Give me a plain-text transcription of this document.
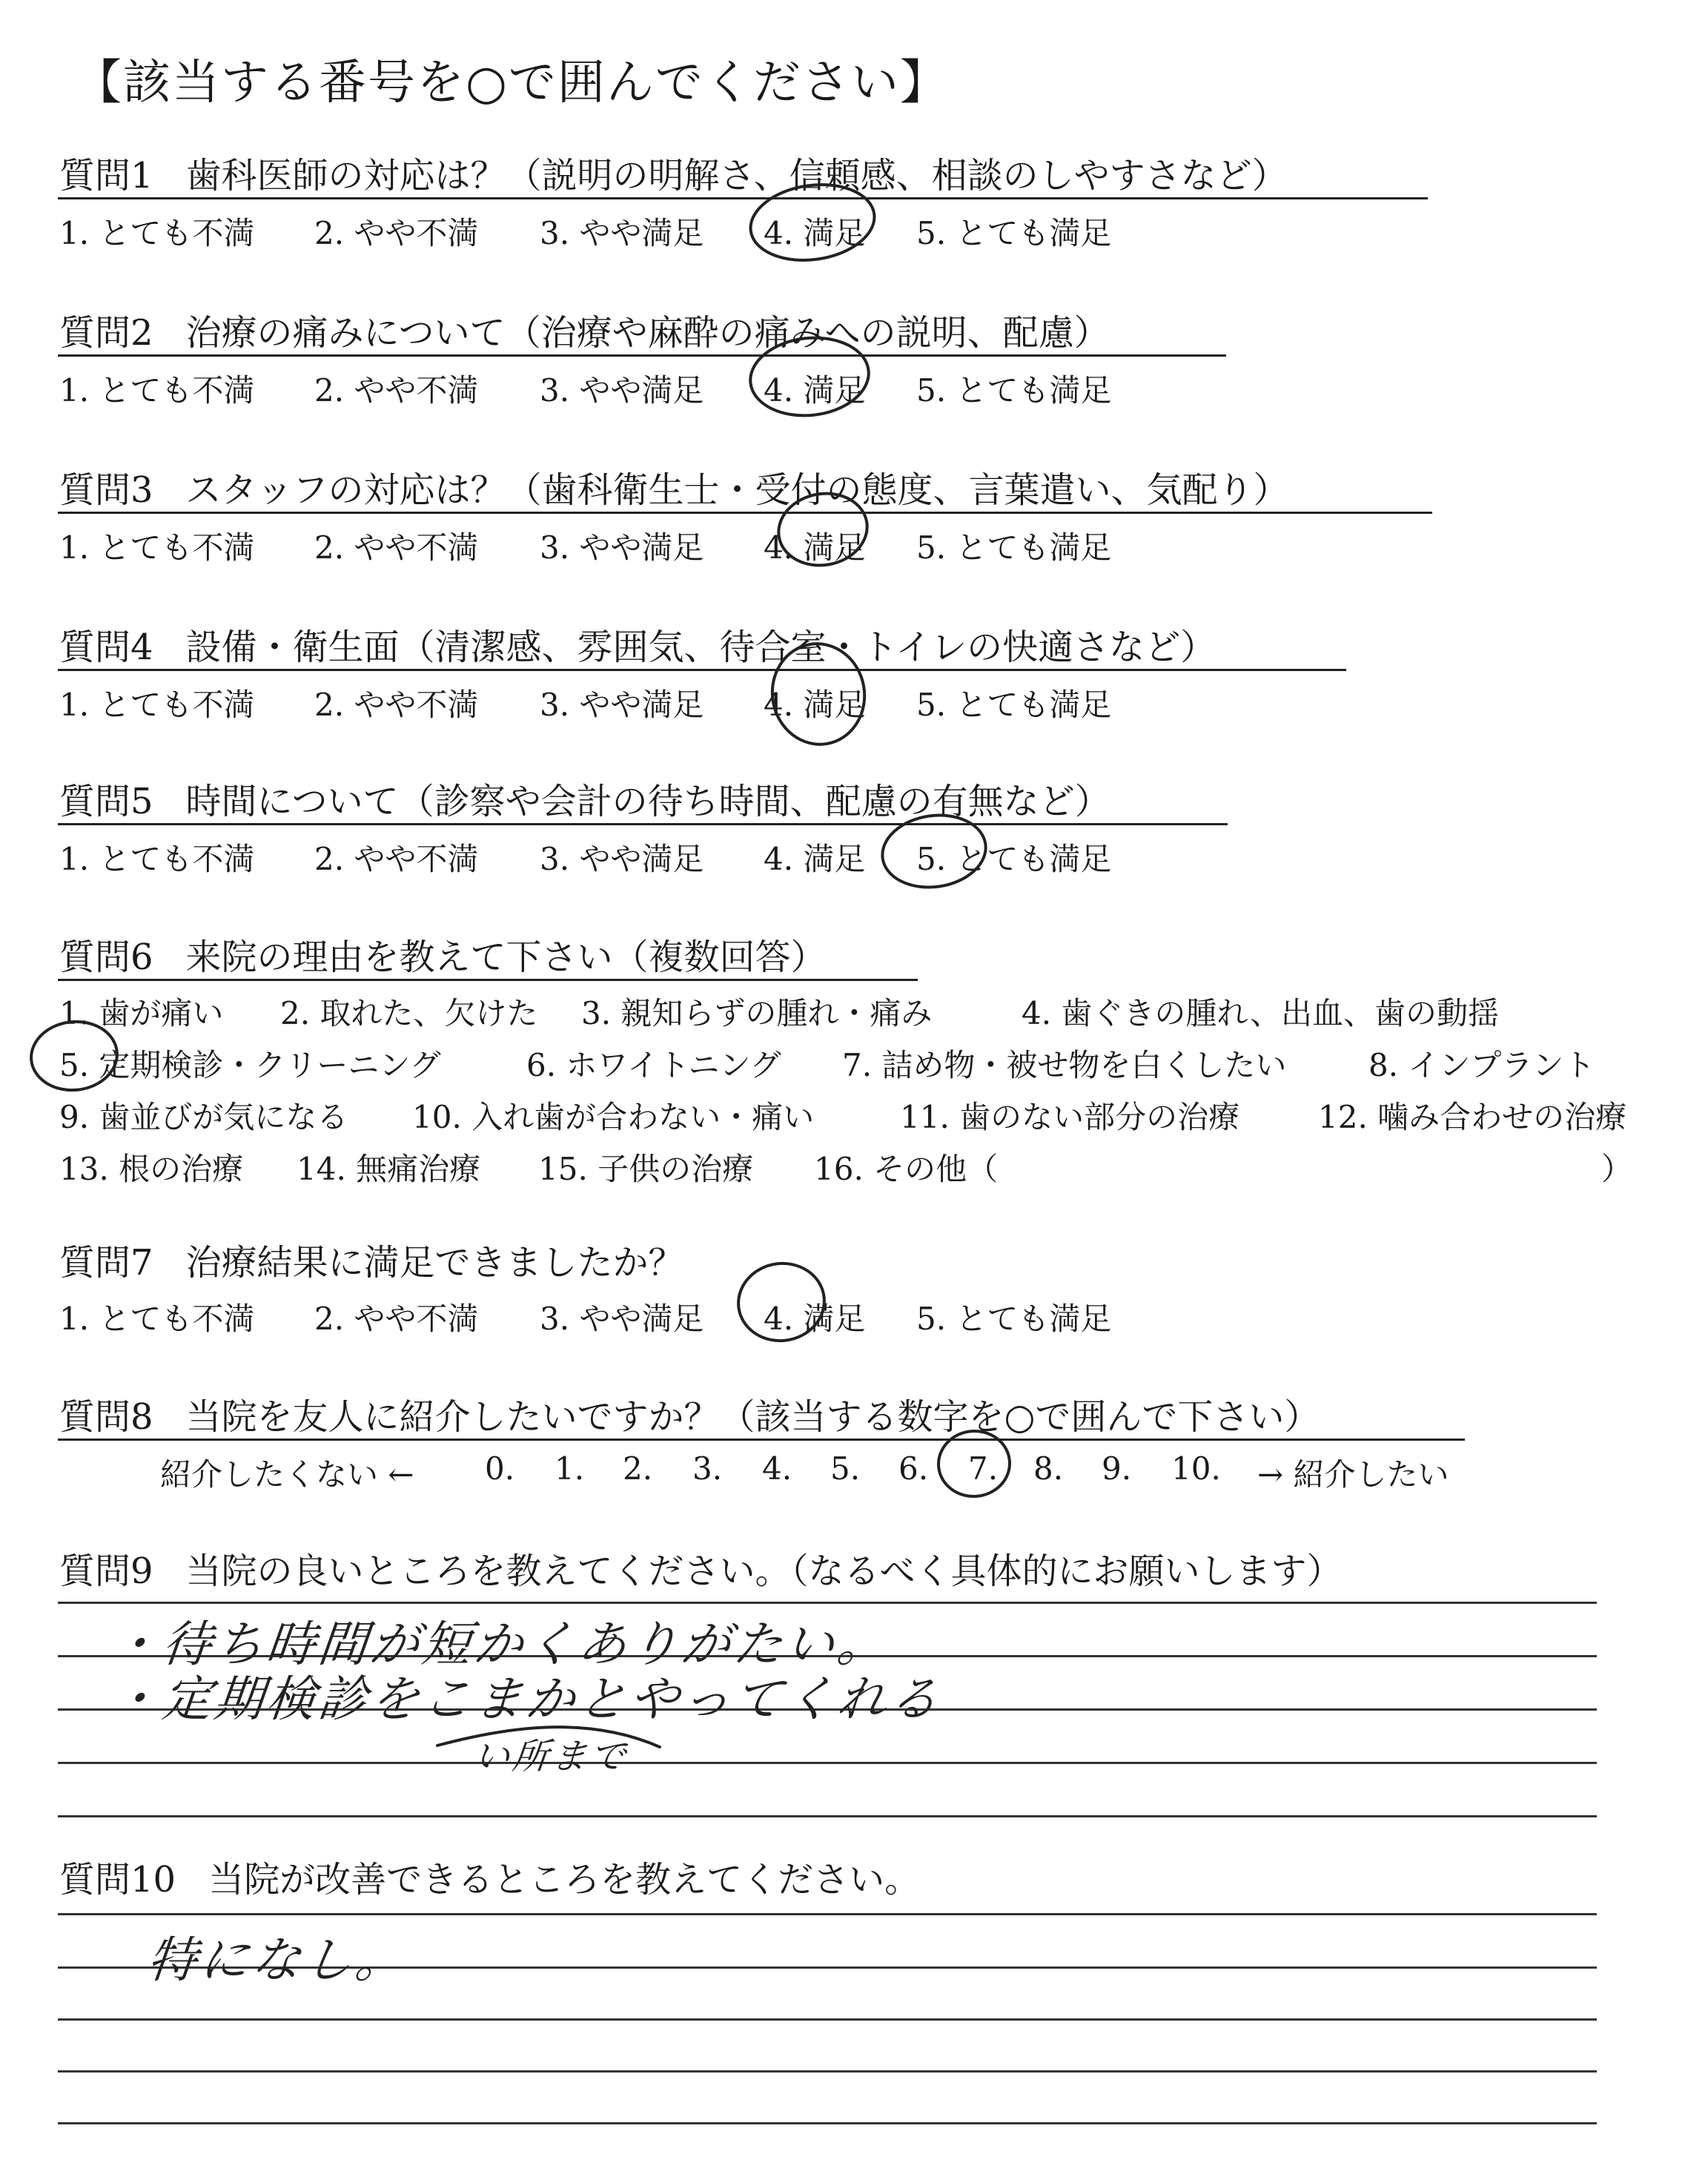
【該当する番号を○で囲んでください】
質問1 歯科医師の対応は？（説明の明解さ、信頼感、相談のしやすさなど）
1. とても不満 2. やや不満 3. やや満足 4. 満足 5. とても満足
質問2 治療の痛みについて（治療や麻酔の痛みへの説明、配慮）
1. とても不満 2. やや不満 3. やや満足 4. 満足 5. とても満足
質問3 スタッフの対応は？（歯科衛生士・受付の態度、言葉遣い、気配り）
1. とても不満 2. やや不満 3. やや満足 4. 満足 5. とても満足
質問4 設備・衛生面（清潔感、雰囲気、待合室・トイレの快適さなど）
1. とても不満 2. やや不満 3. やや満足 4. 満足 5. とても満足
質問5 時間について（診察や会計の待ち時間、配慮の有無など）
1. とても不満 2. やや不満 3. やや満足 4. 満足 5. とても満足
質問6 来院の理由を教えて下さい（複数回答）
1. 歯が痛い 2. 取れた、欠けた 3. 親知らずの腫れ・痛み	4. 歯ぐきの腫れ、出血、歯の動揺
5. 定期検診・クリーニング	6. ホワイトニング 7. 詰め物・被せ物を白くしたい	8. インプラント
9. 歯並びが気になる 10. 入れ歯が合わない・痛い	11. 歯のない部分の治療	12. 噛み合わせの治療
13. 根の治療 14. 無痛治療 15. 子供の治療 16. その他（	）
質問7 治療結果に満足できましたか？
1. とても不満 2. やや不満 3. やや満足 4. 満足 5. とても満足
質問8 当院を友人に紹介したいですか？（該当する数字を○で囲んで下さい）
紹介したくない ← 0. 1. 2. 3. 4. 5. 6. 7. 8. 9. 10. → 紹介したい
質問9 当院の良いところを教えてください。（なるべく具体的にお願いします）
・待ち時間が短かくありがたい。
・定期検診をこまかとやってくれる
い所まで
質問10 当院が改善できるところを教えてください。
特になし。
